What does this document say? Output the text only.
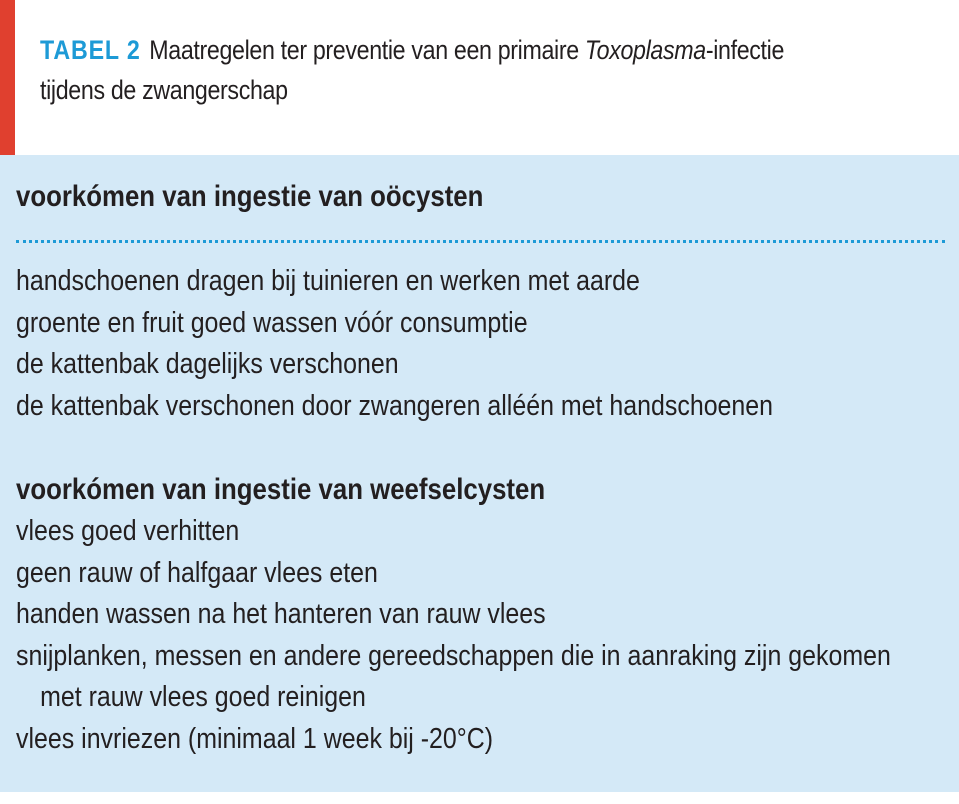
TABEL 2 Maatregelen ter preventie van een primaire Toxoplasma-infectie
tijdens de zwangerschap
voorkómen van ingestie van oöcysten
handschoenen dragen bij tuinieren en werken met aarde
groente en fruit goed wassen vóór consumptie
de kattenbak dagelijks verschonen
de kattenbak verschonen door zwangeren alléén met handschoenen
voorkómen van ingestie van weefselcysten
vlees goed verhitten
geen rauw of halfgaar vlees eten
handen wassen na het hanteren van rauw vlees
snijplanken, messen en andere gereedschappen die in aanraking zijn gekomen
met rauw vlees goed reinigen
vlees invriezen (minimaal 1 week bij -20°C)
